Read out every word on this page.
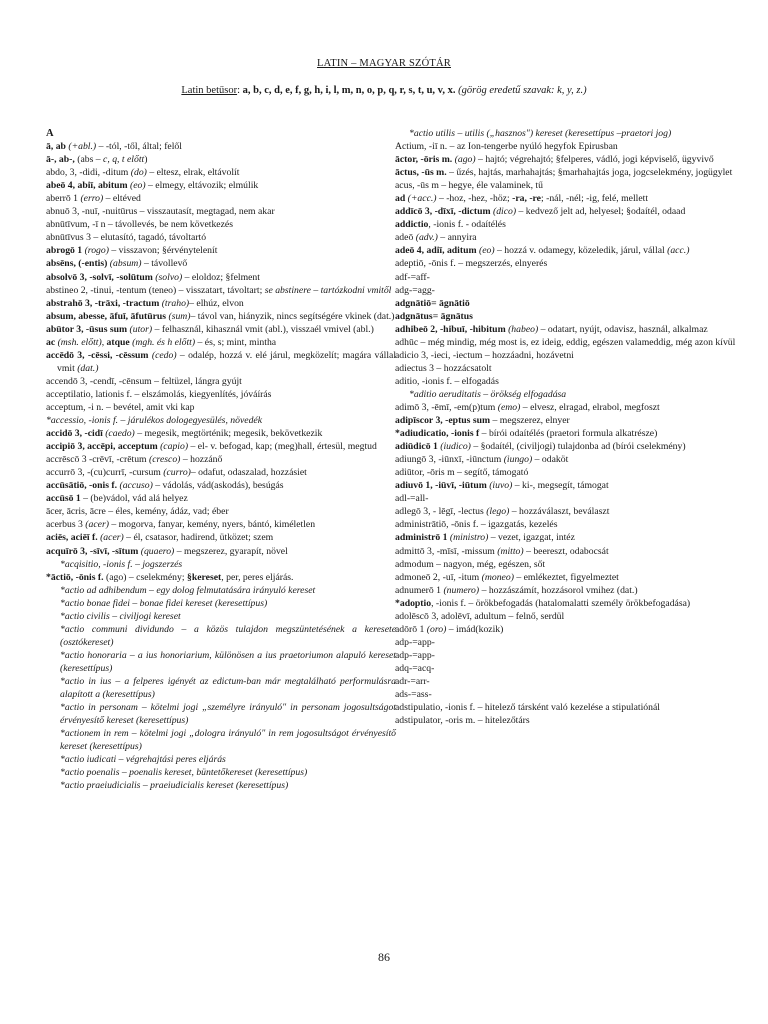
LATIN – MAGYAR SZÓTÁR
Latin betűsor: a, b, c, d, e, f, g, h, i, l, m, n, o, p, q, r, s, t, u, v, x. (görög eredetű szavak: k, y, z.)
A
ā, ab (+abl.) – -tól, -től, által; felől
ā-, ab-, (abs – c, q, t előtt)
abdo, 3, -didi, -ditum (do) – eltesz, elrak, eltávolít
abeō 4, abiī, abitum (eo) – elmegy, eltávozik; elmúlik
aberrō 1 (erro) – eltéved
abnuō 3, -nuī, -nuitūrus – visszautasít, megtagad, nem akar
abnūtīvum, -ī n – távollevés, be nem következés
abnūtīvus 3 – elutasító, tagadó, távoltartó
abrogō 1 (rogo) – visszavon; §érvénytelenít
absēns, (-entis) (absum) – távollevő
absolvō 3, -solvī, -solūtum (solvo) – eloldoz; §felment
abstineo 2, -tinui, -tentum (teneo) – visszatart, távoltart; se abstinere – tartózkodni vmitől
abstrahō 3, -trāxi, -tractum (traho)– elhúz, elvon
absum, abesse, āfuī, āfutūrus (sum)– távol van, hiányzik, nincs segítségére vkinek (dat.)
abūtor 3, -ūsus sum (utor) – felhasznál, kihasznál vmit (abl.), visszaél vmivel (abl.)
ac (msh. előtt), atque (mgh. és h előtt) – és, s; mint, mintha
accēdō 3, -cēssi, -cēssum (cedo) – odalép, hozzá v. elé járul, megközelít; magára vállal vmit (dat.)
accendō 3, -cendī, -cēnsum – feltüzel, lángra gyújt
acceptilatio, lationis f. – elszámolás, kiegyenlítés, jóváírás
acceptum, -i n. – bevétel, amit vki kap
*accessio, -ionis f. – járulékos dologegyesülés, növedék
accidō 3, -cidī (caedo) – megesik, megtörténik; megesik, bekövetkezik
accipiō 3, accēpi, acceptum (capio) – el- v. befogad, kap; (meg)hall, értesül, megtud
accrēscō 3 -crēvī, -crētum (cresco) – hozzánő
accurrō 3, -(cu)currī, -cursum (curro)– odafut, odaszalad, hozzásiet
accūsātiō, -onis f. (accuso) – vádolás, vád(askodás), besúgás
accūsō 1 – (be)vádol, vád alá helyez
ācer, ācris, ācre – éles, kemény, ádáz, vad; éber
acerbus 3 (acer) – mogorva, fanyar, kemény, nyers, bántó, kiméletlen
aciēs, aciēī f. (acer) – él, csatasor, hadirend, ütközet; szem
acquīrō 3, -sīvī, -sītum (quaero) – megszerez, gyarapít, növel
*acqisitio, -ionis f. – jogszerzés
*āctiō, -ōnis f. (ago) – cselekmény; §kereset, per, peres eljárás.
*actio ad adhibendum – egy dolog felmutatására irányuló kereset
*actio bonae fidei – bonae fidei kereset (keresettípus)
*actio civilis – civiljogi kereset
*actio communi dividundo – a közös tulajdon megszüntetésének a keresete (osztókereset)
*actio honoraria – a ius honoriarium, különösen a ius praetoriumon alapuló kereset (keresettípus)
*actio in ius – a felperes igényét az edictum-ban már megtalálható performulásra alapított a (keresettípus)
*actio in personam – kötelmi jogi „személyre irányuló" in personam jogosultságot érvényesítő kereset (keresettípus)
*actionem in rem – kötelmi jogi „dologra irányuló" in rem jogosultságot érvényesítő kereset (keresettípus)
*actio iudicati – végrehajtási peres eljárás
*actio poenalis – poenalis kereset, büntetőkereset (keresettípus)
*actio praeiudicialis – praeiudicialis kereset (keresettípus)
*actio utilis – utilis („hasznos") kereset (keresettípus –praetori jog)
Actium, -iī n. – az Ion-tengerbe nyúló hegyfok Epirusban
āctor, -ōris m. (ago) – hajtó; végrehajtó; §felperes, vádló, jogi képviselő, ügyvivő
āctus, -ūs m. – űzés, hajtás, marhahajtás; §marhahajtás joga, jogcselekmény, jogügylet
acus, -ūs m – hegye, éle valaminek, tű
ad (+acc.) – -hoz, -hez, -höz; -ra, -re; -nál, -nél; -ig, felé, mellett
addīcō 3, -dīxī, -dictum (dico) – kedvező jelt ad, helyesel; §odaítél, odaad
addictio, -ionis f. - odaítélés
adeō (adv.) – annyira
adeō 4, adiī, aditum (eo) – hozzá v. odamegy, közeledik, járul, vállal (acc.)
adeptiō, -ōnis f. – megszerzés, elnyerés
adf-=aff-
adg-=agg-
adgnātiō= āgnātiō
adgnātus= āgnātus
adhibeō 2, -hibuī, -hibitum (habeo) – odatart, nyújt, odavisz, használ, alkalmaz
adhūc – még mindig, még most is, ez ideig, eddig, egészen valameddig, még azon kívül
adicio 3, -ieci, -iectum – hozzáadni, hozávetni
adiectus 3 – hozzácsatolt
aditio, -ionis f. – elfogadás
*aditio aeruditatis – örökség elfogadása
adimō 3, -ēmī, -em(p)tum (emo) – elvesz, elragad, elrabol, megfoszt
adipīscor 3, -eptus sum – megszerez, elnyer
*adiudicatio, -ionis f – bírói odaítélés (praetori formula alkatrésze)
adiūdicō 1 (iudico) – §odaítél, (civiljogi) tulajdonba ad (bírói cselekmény)
adiungō 3, -iūnxī, -iūnctum (iungo) – odaköt
adiūtor, -ōris m – segítő, támogató
adiuvō 1, -iūvī, -iūtum (iuvo) – ki-, megsegít, támogat
adl-=all-
adlegō 3, - lēgī, -lectus (lego) – hozzáválaszt, beválaszt
administrātiō, -ōnis f. – igazgatás, kezelés
administrō 1 (ministro) – vezet, igazgat, intéz
admittō 3, -mīsī, -missum (mitto) – beereszt, odabocsát
admodum – nagyon, még, egészen, sőt
admoneō 2, -uī, -itum (moneo) – emlékeztet, figyelmeztet
adnumerō 1 (numero) – hozzászámít, hozzásorol vmihez (dat.)
*adoptio, -ionis f. – örökbefogadás (hatalomalatti személy örökbefogadása)
adolēscō 3, adolēvī, adultum – felnő, serdül
adōrō 1 (oro) – imád(kozik)
adp-=app-
adp-=app-
adq-=acq-
adr-=arr-
ads-=ass-
adstipulatio, -ionis f. – hitelező társként való kezelése a stipulatiónál
adstipulator, -oris m. – hitelezőtárs
86
